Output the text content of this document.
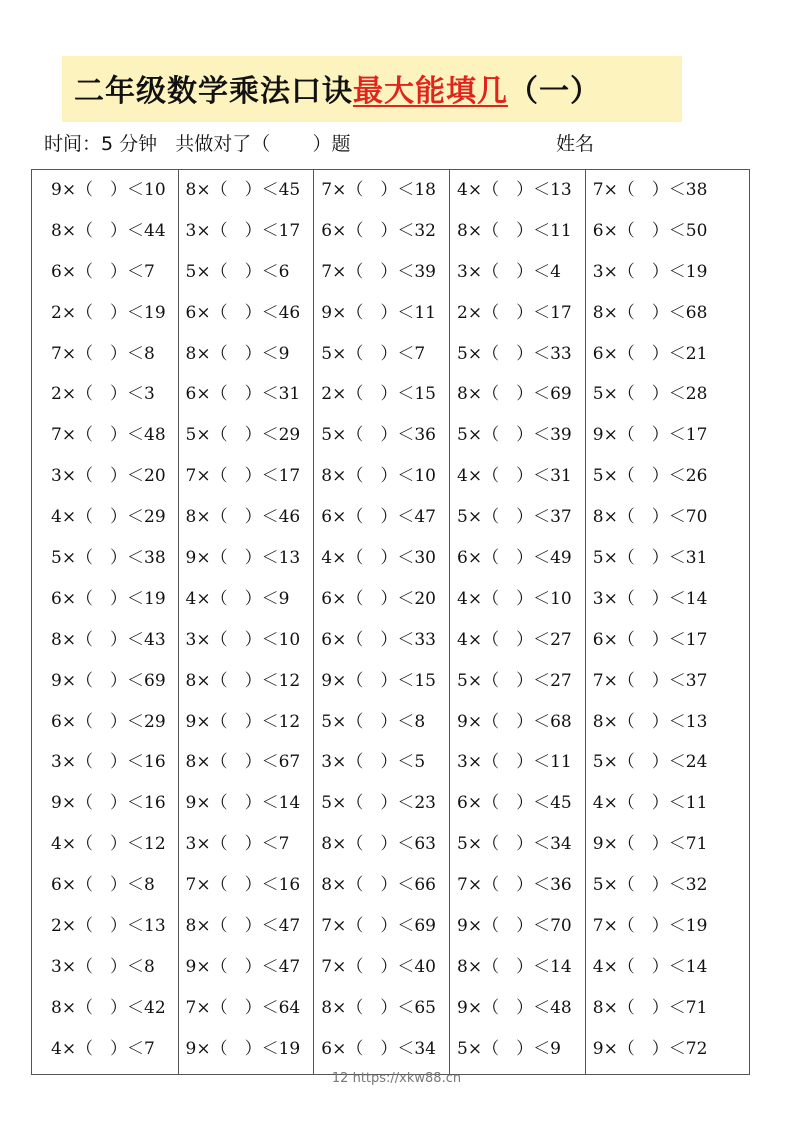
二年级数学乘法口诀最大能填几（一）
时间：5 分钟   共做对了（       ）题	姓名
9×（　）＜10
8×（　）＜44
6×（　）＜7
2×（　）＜19
7×（　）＜8
2×（　）＜3
7×（　）＜48
3×（　）＜20
4×（　）＜29
5×（　）＜38
6×（　）＜19
8×（　）＜43
9×（　）＜69
6×（　）＜29
3×（　）＜16
9×（　）＜16
4×（　）＜12
6×（　）＜8
2×（　）＜13
3×（　）＜8
8×（　）＜42
4×（　）＜7
8×（　）＜45
3×（　）＜17
5×（　）＜6
6×（　）＜46
8×（　）＜9
6×（　）＜31
5×（　）＜29
7×（　）＜17
8×（　）＜46
9×（　）＜13
4×（　）＜9
3×（　）＜10
8×（　）＜12
9×（　）＜12
8×（　）＜67
9×（　）＜14
3×（　）＜7
7×（　）＜16
8×（　）＜47
9×（　）＜47
7×（　）＜64
9×（　）＜19
7×（　）＜18
6×（　）＜32
7×（　）＜39
9×（　）＜11
5×（　）＜7
2×（　）＜15
5×（　）＜36
8×（　）＜10
6×（　）＜47
4×（　）＜30
6×（　）＜20
6×（　）＜33
9×（　）＜15
5×（　）＜8
3×（　）＜5
5×（　）＜23
8×（　）＜63
8×（　）＜66
7×（　）＜69
7×（　）＜40
8×（　）＜65
6×（　）＜34
4×（　）＜13
8×（　）＜11
3×（　）＜4
2×（　）＜17
5×（　）＜33
8×（　）＜69
5×（　）＜39
4×（　）＜31
5×（　）＜37
6×（　）＜49
4×（　）＜10
4×（　）＜27
5×（　）＜27
9×（　）＜68
3×（　）＜11
6×（　）＜45
5×（　）＜34
7×（　）＜36
9×（　）＜70
8×（　）＜14
9×（　）＜48
5×（　）＜9
7×（　）＜38
6×（　）＜50
3×（　）＜19
8×（　）＜68
6×（　）＜21
5×（　）＜28
9×（　）＜17
5×（　）＜26
8×（　）＜70
5×（　）＜31
3×（　）＜14
6×（　）＜17
7×（　）＜37
8×（　）＜13
5×（　）＜24
4×（　）＜11
9×（　）＜71
5×（　）＜32
7×（　）＜19
4×（　）＜14
8×（　）＜71
9×（　）＜72
12 https://xkw88.cn
